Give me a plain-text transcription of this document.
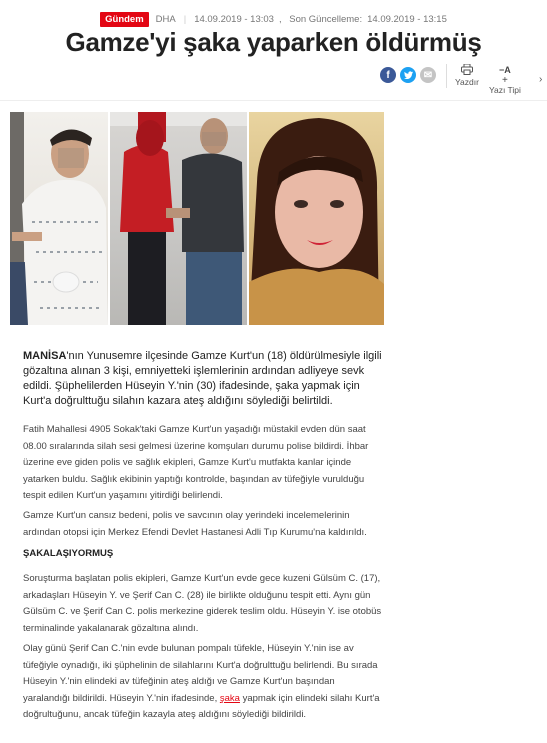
Gündem	DHA | 14.09.2019 - 13:03 , Son Güncelleme: 14.09.2019 - 13:15
Gamze'yi şaka yaparken öldürmüş
f	✉
Yazdır
−A
+
Yazı Tipi
›

MANİSA'nın Yunusemre ilçesinde Gamze Kurt'un (18) öldürülmesiyle ilgili gözaltına alınan 3 kişi, emniyetteki işlemlerinin ardından adliyeye sevk edildi. Şüphelilerden Hüseyin Y.'nin (30) ifadesinde, şaka yapmak için Kurt'a doğrulttuğu silahın kazara ateş aldığını söylediği belirtildi.

Fatih Mahallesi 4905 Sokak'taki Gamze Kurt'un yaşadığı müstakil evden dün saat 08.00 sıralarında silah sesi gelmesi üzerine komşuları durumu polise bildirdi. İhbar üzerine eve giden polis ve sağlık ekipleri, Gamze Kurt'u mutfakta kanlar içinde yatarken buldu. Sağlık ekibinin yaptığı kontrolde, başından av tüfeğiyle vurulduğu tespit edilen Kurt'un yaşamını yitirdiği belirlendi.

Gamze Kurt'un cansız bedeni, polis ve savcının olay yerindeki incelemelerinin ardından otopsi için Merkez Efendi Devlet Hastanesi Adli Tıp Kurumu'na kaldırıldı.

ŞAKALAŞIYORMUŞ

Soruşturma başlatan polis ekipleri, Gamze Kurt'un evde gece kuzeni Gülsüm C. (17), arkadaşları Hüseyin Y. ve Şerif Can C. (28) ile birlikte olduğunu tespit etti. Aynı gün Gülsüm C. ve Şerif Can C. polis merkezine giderek teslim oldu. Hüseyin Y. ise otobüs terminalinde yakalanarak gözaltına alındı.

Olay günü Şerif Can C.'nin evde bulunan pompalı tüfekle, Hüseyin Y.'nin ise av tüfeğiyle oynadığı, iki şüphelinin de silahlarını Kurt'a doğrulttuğu belirlendi. Bu sırada Hüseyin Y.'nin elindeki av tüfeğinin ateş aldığı ve Gamze Kurt'un başından yaralandığı bildirildi. Hüseyin Y.'nin ifadesinde, şaka yapmak için elindeki silahı Kurt'a doğrultuğunu, ancak tüfeğin kazayla ateş aldığını söylediği bildirildi.
